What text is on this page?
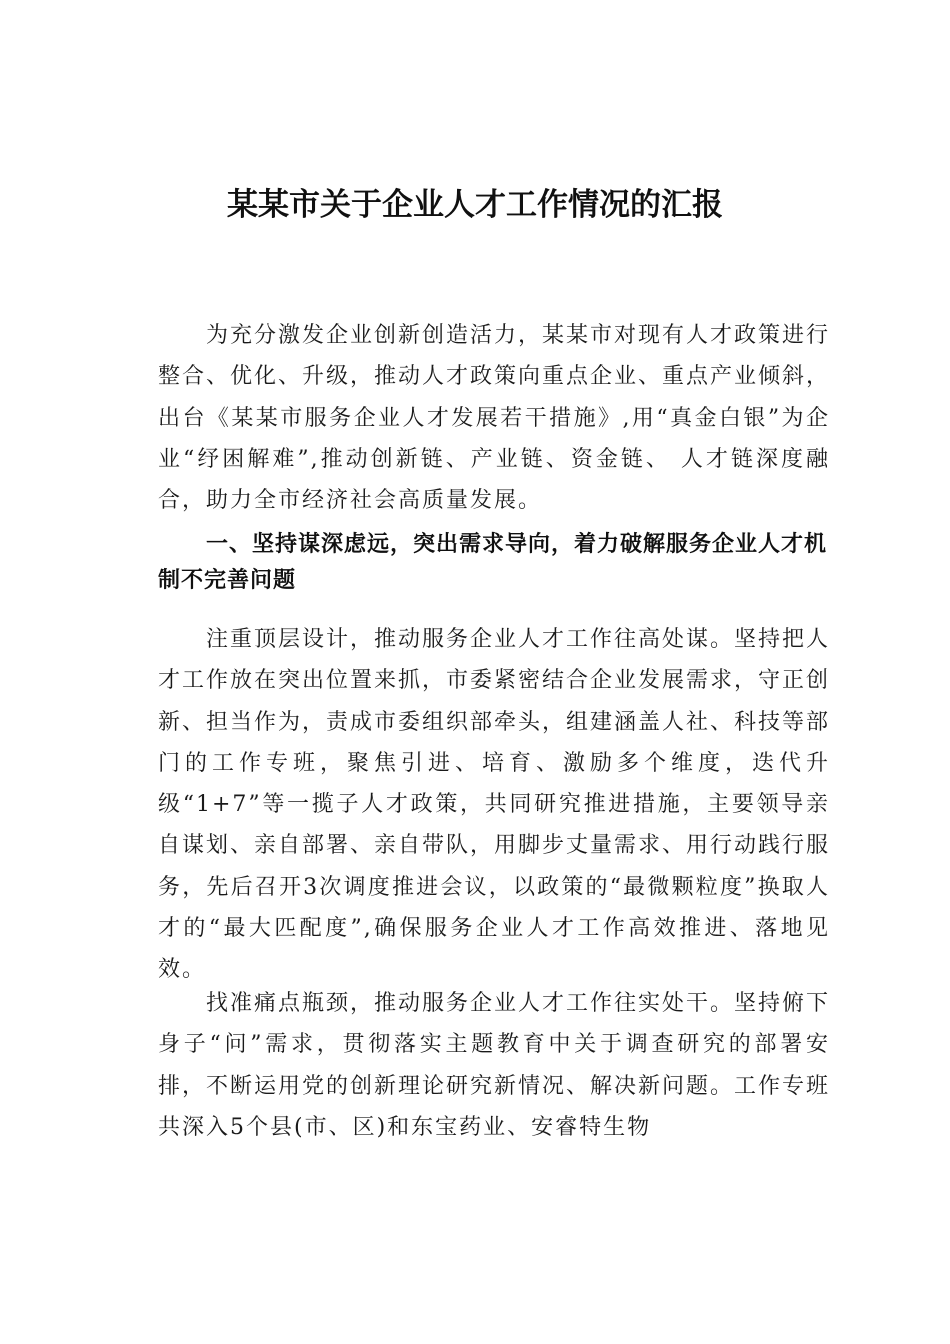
某某市关于企业人才工作情况的汇报

为充分激发企业创新创造活力，某某市对现有人才政策进行整合、优化、升级，推动人才政策向重点企业、重点产业倾斜，出台《某某市服务企业人才发展若干措施》,用“真金白银”为企业“纾困解难”,推动创新链、产业链、资金链、 人才链深度融合，助力全市经济社会高质量发展。

一、坚持谋深虑远，突出需求导向，着力破解服务企业人才机制不完善问题

注重顶层设计，推动服务企业人才工作往高处谋。坚持把人才工作放在突出位置来抓，市委紧密结合企业发展需求，守正创新、担当作为，责成市委组织部牵头，组建涵盖人社、科技等部门的工作专班，聚焦引进、培育、激励多个维度，迭代升级“1+7”等一揽子人才政策，共同研究推进措施，主要领导亲自谋划、亲自部署、亲自带队，用脚步丈量需求、用行动践行服务，先后召开3次调度推进会议，以政策的“最微颗粒度”换取人才的“最大匹配度”,确保服务企业人才工作高效推进、落地见效。

找准痛点瓶颈，推动服务企业人才工作往实处干。坚持俯下身子“问”需求，贯彻落实主题教育中关于调查研究的部署安排，不断运用党的创新理论研究新情况、解决新问题。工作专班共深入5个县(市、区)和东宝药业、安睿特生物
